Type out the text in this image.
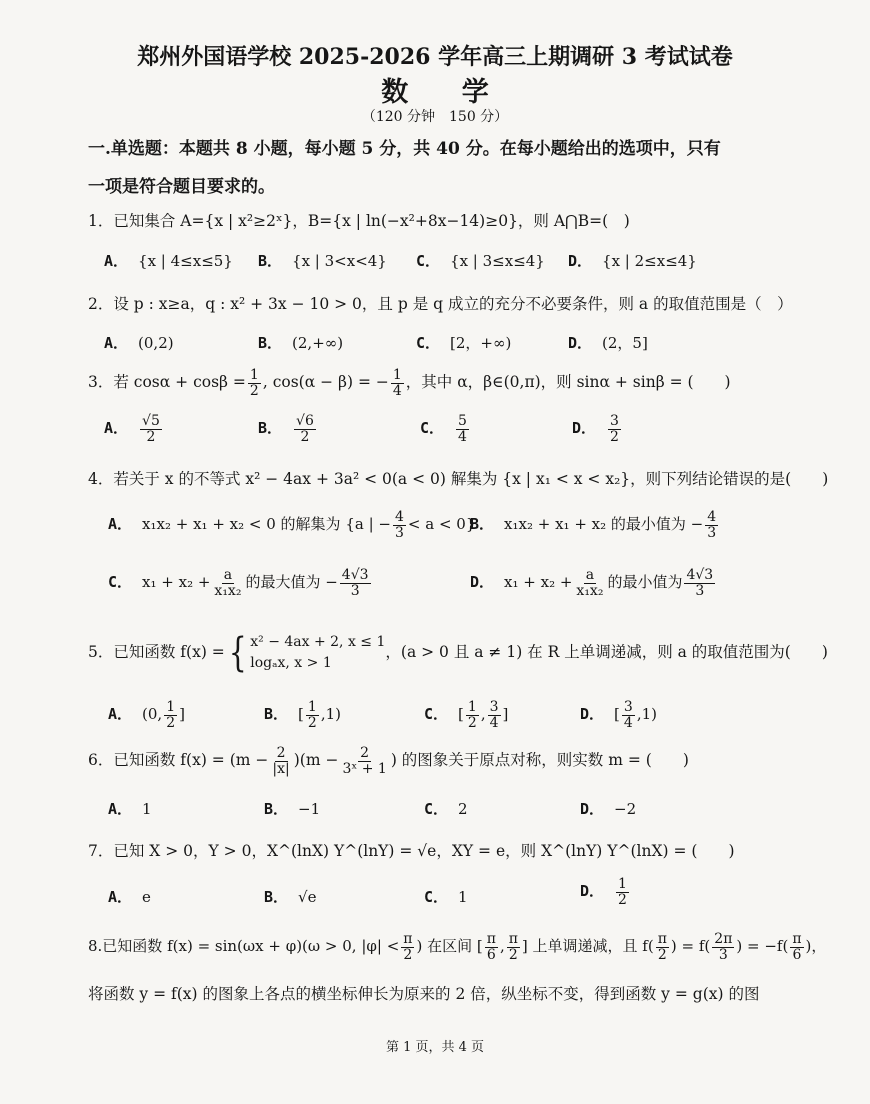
郑州外国语学校 2025-2026 学年高三上期调研 3 考试试卷
数 学
（120 分钟　150 分）
一.单选题：本题共 8 小题，每小题 5 分，共 40 分。在每小题给出的选项中，只有
一项是符合题目要求的。
1．已知集合 A={x | x²≥2ˣ}，B={x | ln(−x²+8x−14)≥0}，则 A⋂B=(　)
A． {x | 4≤x≤5} B． {x | 3<x<4} C． {x | 3≤x≤4} D． {x | 2≤x≤4}
2．设 p : x≥a，q : x² + 3x − 10 > 0，且 p 是 q 成立的充分不必要条件，则 a 的取值范围是（　）
A． (0,2)	B． (2,+∞)	C． [2，+∞)	D． (2，5]
3．若 $\cos\alpha + \cos\beta = \frac{1}{2}$ , cos(α − β) = − $\frac{1}{4}$ ，其中 α，β∈(0,π)，则 sinα + sinβ = (　　)
A． $\frac{√5}{2}$	B． $\frac{√6}{2}$	C． $\frac{5}{4}$	D． $\frac{3}{2}$
4．若关于 x 的不等式 x² − 4ax + 3a² < 0(a < 0) 解集为 {x | x₁ < x < x₂}，则下列结论错误的是(　　)
A． x₁x₂ + x₁ + x₂ < 0 的解集为 {a | − $\frac{4}{3} < a < 0$}
B． x₁x₂ + x₁ + x₂ 的最小值为 − $\frac{4}{3}$
C． $x_1 + x_2 + \frac{a}{\text{x₁x₂}}$ 的最大值为 − $\frac{4√3}{3}$	D． $x_1 + x_2 + \frac{a}{\text{x₁x₂}}$ 的最小值为 $\frac{4√3}{3}$
5．已知函数 f(x) ={ x² − 4ax + 2, x ≤ 1
logₐx, x > 1
，(a > 0 且 a ≠ 1) 在 R 上单调递减，则 a 的取值范围为(　　)
A． (0, $\frac{1}{2}$ ]	B． [ $\frac{1}{2} ,1$)	C． [ $\frac{1}{2}$ , $\frac{3}{4}$ ]	D． [ $\frac{3}{4} ,1$)
6．已知函数 $f(x) = (m - \frac{2}{|x|} )(m - \frac{2}{\text{3ˣ + 1}}$ ) 的图象关于原点对称，则实数 m = (　　)
A． 1	B． −1	C． 2	D． −2
7．已知 X > 0，Y > 0，X^(lnX) Y^(lnY) = √e，XY = e，则 X^(lnY) Y^(lnX) = (　　)
A． e	B． √e	C． 1	D． $\frac{1}{2}$
8.已知函数 f(x) = sin(ωx + φ)(ω > 0, $|\varphi| < \frac{\pi}{2}$ ) 在区间 [ $\frac{\pi}{6}$ , $\frac{\pi}{2}$ ] 上单调递减，且 $f( \frac{\pi}{2}$ ) = $f( \frac{2\pi}{3}$ ) = $-f( \frac{\pi}{6}$ )，
将函数 y = f(x) 的图象上各点的横坐标伸长为原来的 2 倍，纵坐标不变，得到函数 y = g(x) 的图
第 1 页，共 4 页
